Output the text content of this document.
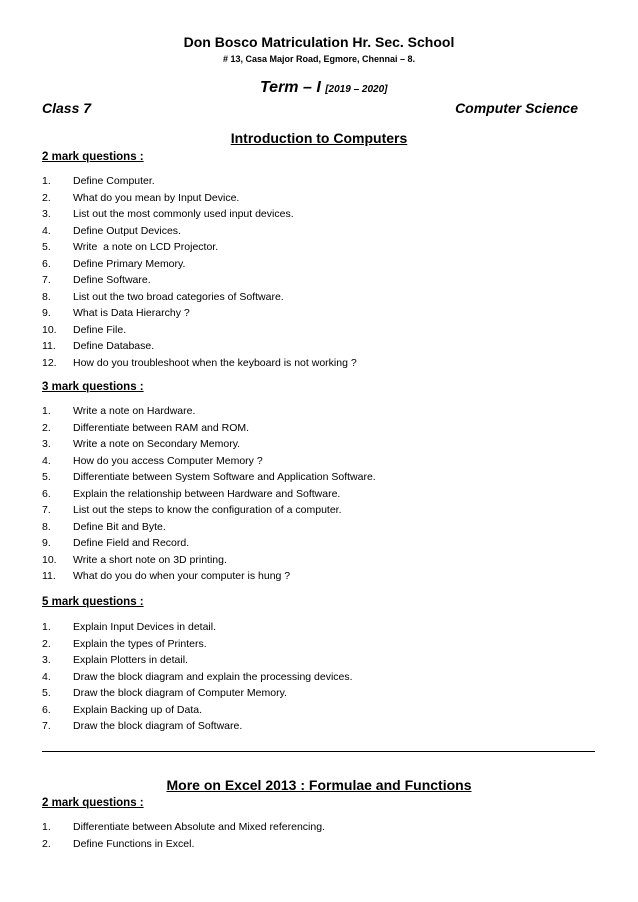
Don Bosco Matriculation Hr. Sec. School
# 13, Casa Major Road, Egmore, Chennai – 8.
Term – I [2019 – 2020]
Class 7	Computer Science
Introduction to Computers
2 mark questions :
1. Define Computer.
2. What do you mean by Input Device.
3. List out the most commonly used input devices.
4. Define Output Devices.
5. Write  a note on LCD Projector.
6. Define Primary Memory.
7. Define Software.
8. List out the two broad categories of Software.
9. What is Data Hierarchy ?
10. Define File.
11. Define Database.
12. How do you troubleshoot when the keyboard is not working ?
3 mark questions :
1. Write a note on Hardware.
2. Differentiate between RAM and ROM.
3. Write a note on Secondary Memory.
4. How do you access Computer Memory ?
5. Differentiate between System Software and Application Software.
6. Explain the relationship between Hardware and Software.
7. List out the steps to know the configuration of a computer.
8. Define Bit and Byte.
9. Define Field and Record.
10. Write a short note on 3D printing.
11. What do you do when your computer is hung ?
5 mark questions :
1. Explain Input Devices in detail.
2. Explain the types of Printers.
3. Explain Plotters in detail.
4. Draw the block diagram and explain the processing devices.
5. Draw the block diagram of Computer Memory.
6. Explain Backing up of Data.
7. Draw the block diagram of Software.
More on Excel 2013 : Formulae and Functions
2 mark questions :
1. Differentiate between Absolute and Mixed referencing.
2. Define Functions in Excel.
